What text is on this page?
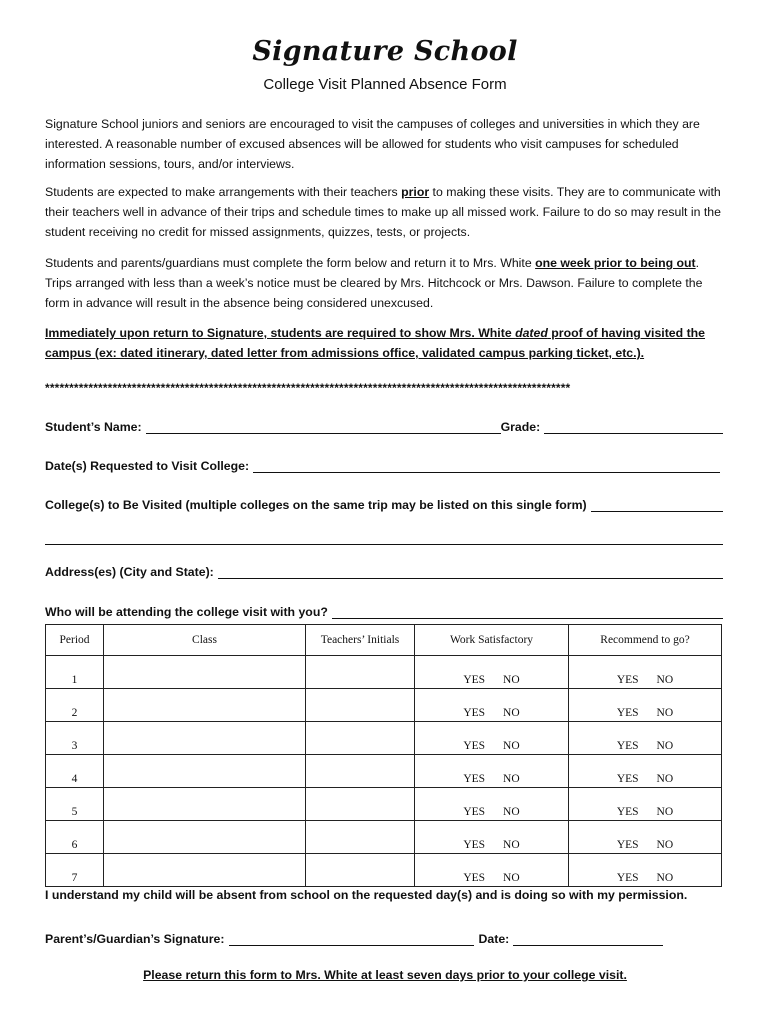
Signature School
College Visit Planned Absence Form

Signature School juniors and seniors are encouraged to visit the campuses of colleges and universities in which they are interested. A reasonable number of excused absences will be allowed for students who visit campuses for scheduled information sessions, tours, and/or interviews.

Students are expected to make arrangements with their teachers prior to making these visits. They are to communicate with their teachers well in advance of their trips and schedule times to make up all missed work. Failure to do so may result in the student receiving no credit for missed assignments, quizzes, tests, or projects.

Students and parents/guardians must complete the form below and return it to Mrs. White one week prior to being out. Trips arranged with less than a week’s notice must be cleared by Mrs. Hitchcock or Mrs. Dawson. Failure to complete the form in advance will result in the absence being considered unexcused.

Immediately upon return to Signature, students are required to show Mrs. White dated proof of having visited the campus (ex: dated itinerary, dated letter from admissions office, validated campus parking ticket, etc.).

*************************************************************************************************************
Student’s Name:	Grade:
Date(s) Requested to Visit College:
College(s) to Be Visited (multiple colleges on the same trip may be listed on this single form)
Address(es) (City and State):
Who will be attending the college visit with you?
Period	Class	Teachers’ Initials	Work Satisfactory	Recommend to go?
1			YES NO	YES NO
2			YES NO	YES NO
3			YES NO	YES NO
4			YES NO	YES NO
5			YES NO	YES NO
6			YES NO	YES NO
7			YES NO	YES NO
I understand my child will be absent from school on the requested day(s) and is doing so with my permission.
Parent’s/Guardian’s Signature:	Date:
Please return this form to Mrs. White at least seven days prior to your college visit.
